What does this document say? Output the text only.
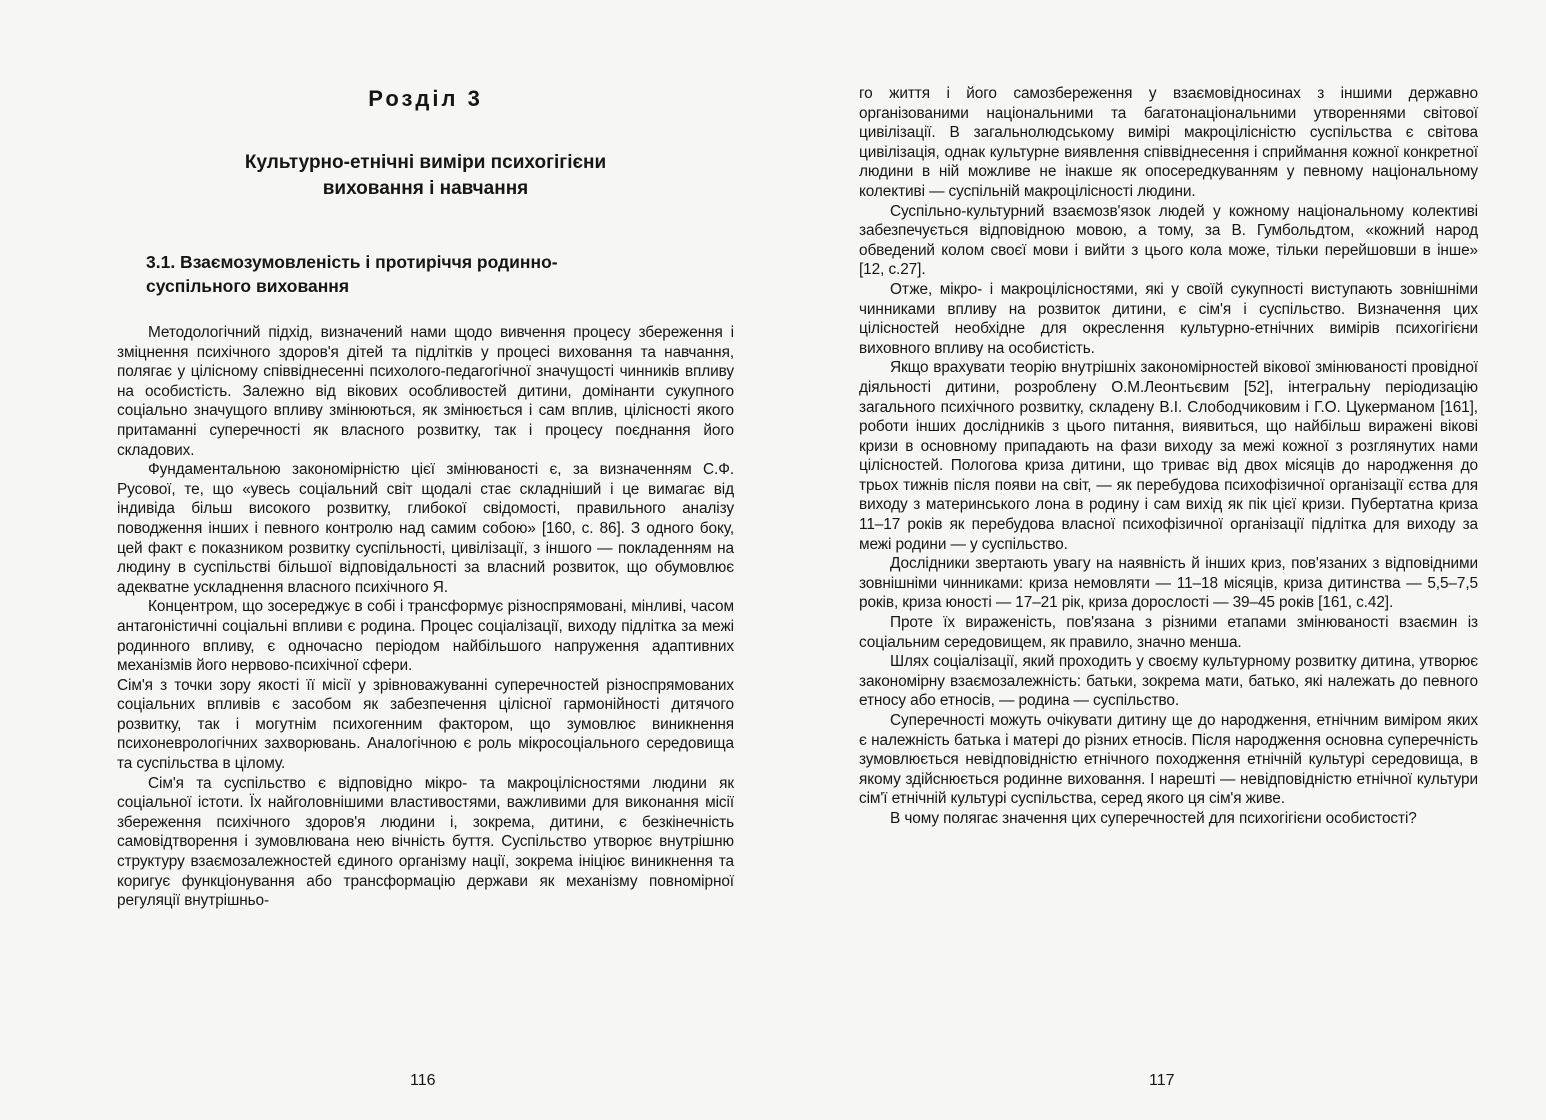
Розділ 3
Культурно-етнічні виміри психогігієни
виховання і навчання
3.1. Взаємозумовленість і протиріччя родинно-
суспільного виховання

Методологічний підхід, визначений нами щодо вивчення процесу збереження і зміцнення психічного здоров'я дітей та підлітків у процесі виховання та навчання, полягає у цілісному співвіднесенні психолого-педагогічної значущості чинників впливу на особистість. Залежно від вікових особливостей дитини, домінанти сукупного соціально значущого впливу змінюються, як змінюється і сам вплив, цілісності якого притаманні суперечності як власного розвитку, так і процесу поєднання його складових.

Фундаментальною закономірністю цієї змінюваності є, за визначенням С.Ф. Русової, те, що «увесь соціальний світ щодалі стає складніший і це вимагає від індивіда більш високого розвитку, глибокої свідомості, правильного аналізу поводження інших і певного контролю над самим собою» [160, с. 86]. З одного боку, цей факт є показником розвитку суспільності, цивілізації, з іншого — покладенням на людину в суспільстві більшої відповідальності за власний розвиток, що обумовлює адекватне ускладнення власного психічного Я.

Концентром, що зосереджує в собі і трансформує різноспрямовані, мінливі, часом антагоністичні соціальні впливи є родина. Процес соціалізації, виходу підлітка за межі родинного впливу, є одночасно періодом найбільшого напруження адаптивних механізмів його нервово-психічної сфери.

Сім'я з точки зору якості її місії у зрівноважуванні суперечностей різноспрямованих соціальних впливів є засобом як забезпечення цілісної гармонійності дитячого розвитку, так і могутнім психогенним фактором, що зумовлює виникнення психоневрологічних захворювань. Аналогічною є роль мікросоціального середовища та суспільства в цілому.

Сім'я та суспільство є відповідно мікро- та макроцілісностями людини як соціальної істоти. Їх найголовнішими властивостями, важливими для виконання місії збереження психічного здоров'я людини і, зокрема, дитини, є безкінечність самовідтворення і зумовлювана нею вічність буття. Суспільство утворює внутрішню структуру взаємозалежностей єдиного організму нації, зокрема ініціює виникнення та коригує функціонування або трансформацію держави як механізму повномірної регуляції внутрішньо-

116

го життя і його самозбереження у взаємовідносинах з іншими державно організованими національними та багатонаціональними утвореннями світової цивілізації. В загальнолюдському вимірі макроцілісністю суспільства є світова цивілізація, однак культурне виявлення співвіднесення і сприймання кожної конкретної людини в ній можливе не інакше як опосередкуванням у певному національному колективі — суспільній макроцілісності людини.

Суспільно-культурний взаємозв'язок людей у кожному національному колективі забезпечується відповідною мовою, а тому, за В. Гумбольдтом, «кожний народ обведений колом своєї мови і вийти з цього кола може, тільки перейшовши в інше» [12, с.27].

Отже, мікро- і макроцілісностями, які у своїй сукупності виступають зовнішніми чинниками впливу на розвиток дитини, є сім'я і суспільство. Визначення цих цілісностей необхідне для окреслення культурно-етнічних вимірів психогігієни виховного впливу на особистість.

Якщо врахувати теорію внутрішніх закономірностей вікової змінюваності провідної діяльності дитини, розроблену О.М.Леонтьєвим [52], інтегральну періодизацію загального психічного розвитку, складену В.І. Слободчиковим і Г.О. Цукерманом [161], роботи інших дослідників з цього питання, виявиться, що найбільш виражені вікові кризи в основному припадають на фази виходу за межі кожної з розглянутих нами цілісностей. Пологова криза дитини, що триває від двох місяців до народження до трьох тижнів після появи на світ, — як перебудова психофізичної організації єства для виходу з материнського лона в родину і сам вихід як пік цієї кризи. Пубертатна криза 11–17 років як перебудова власної психофізичної організації підлітка для виходу за межі родини — у суспільство.

Дослідники звертають увагу на наявність й інших криз, пов'язаних з відповідними зовнішніми чинниками: криза немовляти — 11–18 місяців, криза дитинства — 5,5–7,5 років, криза юності — 17–21 рік, криза дорослості — 39–45 років [161, с.42].

Проте їх вираженість, пов'язана з різними етапами змінюваності взаємин із соціальним середовищем, як правило, значно менша.

Шлях соціалізації, який проходить у своєму культурному розвитку дитина, утворює закономірну взаємозалежність: батьки, зокрема мати, батько, які належать до певного етносу або етносів, — родина — суспільство.

Суперечності можуть очікувати дитину ще до народження, етнічним виміром яких є належність батька і матері до різних етносів. Після народження основна суперечність зумовлюється невідповідністю етнічного походження етнічній культурі середовища, в якому здійснюється родинне виховання. І нарешті — невідповідністю етнічної культури сім'ї етнічній культурі суспільства, серед якого ця сім'я живе.

В чому полягає значення цих суперечностей для психогігієни особистості?

117
